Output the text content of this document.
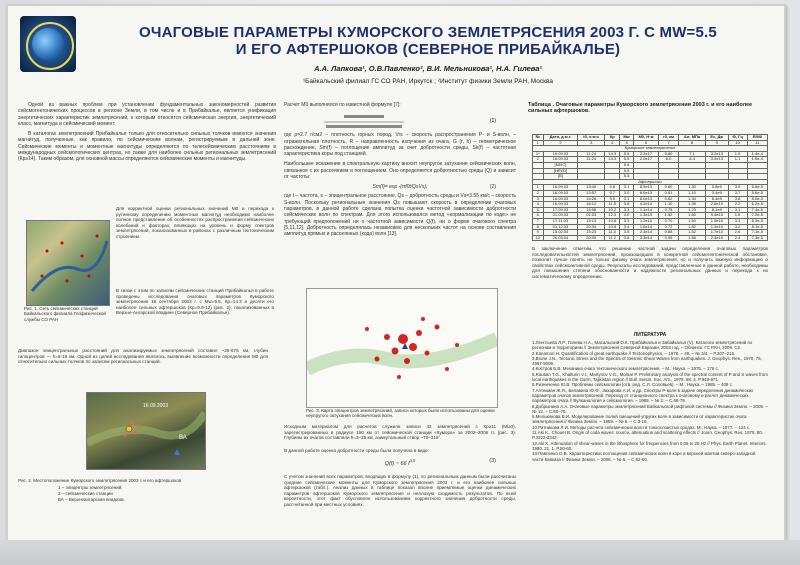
ОЧАГОВЫЕ ПАРАМЕТРЫ КУМОРСКОГО ЗЕМЛЕТРЯСЕНИЯ 2003 Г. С MW=5.5
И ЕГО АФТЕРШОКОВ (СЕВЕРНОЕ ПРИБАЙКАЛЬЕ)
А.А. Лапкова¹, О.В.Павленко², В.И. Мельникова¹, Н.А. Гилева¹
¹Байкальский филиал ГС СО РАН, Иркутск ; ²Институт физики Земли РАН, Москва

Одной из важных проблем при установлении фундаментальных закономерностей развития сейсмотектонических процессов в регионе Земли, в том числе и в Прибайкалье, является унификация энергетических характеристик землетрясений, к которым относятся сейсмическая энергия, энергетический класс, магнитуда и сейсмический момент.

В каталогах землетрясений Прибайкалья только для относительно сильных толчков имеются значения магнитуд, полученные, как правило, по сейсмическим волнам, регистрируемым в дальней зоне. Сейсмические моменты и моментные магнитуды определяются по телесейсмическим расстояниям в международных сейсмологических центрах, но также для наиболее сильных региональных землетрясений (Кр≥14). Таким образом, для основной массы определяются сейсмические моменты и магнитуды.

Рис. 1. Сеть сейсмических станций Байкальского филиала Геофизической службы СО РАН
Для корректной оценки региональных значений M0 и перехода к рутинному определению моментных магнитуд необходимо наиболее полное представление об особенностях распространения сейсмических колебаний и факторах, влияющих на уровень и форму спектров землетрясений, локализованных в районах с различным тектоническим строением.
В связи с этим по записям сейсмических станций Прибайкалья в работе проведены исследования очаговых параметров Куморского землетрясения 16 сентября 2003 г. с Mw=5.5, Кр=14.3 и десяти его наиболее сильных афтершоков (Кр=9.6-12) (рис. 2), локализованных в Верхне-Ангарской впадине (Северное Прибайкалье).
Диапазон эпицентральных расстояний для анализируемых землетрясений составил ~25-676 км, глубин гипоцентров — h=8-19 км. Одной из целей исследования являлось выявление возможности определения M0 для относительно сильных толчков по записям региональных станций.
16.09.2003
ВА
Рис. 2. Местоположение Куморского землетрясения 2003 г. и его афтершоков
1 – эпицентры землетрясений;
2 – сейсмические станции
ВА – Верхнеангарская впадина.

Расчет M0 выполнялся по известной формуле [7]:

(1)

где ρ=2.7 г/см2 – плотность горных пород, Vrs – скорость распространения P- и S-волн, – отражательная плотность, R – направленность излучения из очага, G (r, h) – геометрическое расхождение, Sm(f) – поглощение амплитуд за счет добротности среды, Sk(f) – частотная характеристика коры под станцией.

Наибольшее искажение в спектральную картину вносит неупругое затухание сейсмических волн, связанное с их рассеянием и поглощением. Оно определяется добротностью среды (Q) и зависит от частоты:

Sm(f)= exp -(πf0t/QsVs),	(2)

где t – частота, s – эпицентральное расстояние, Qs – добротность среды и Vs=3.55 км/с – скорость S-волн. Поскольку региональные значения Qs повышают скорость в определении очаговых параметров, в данной работе сделана попытка оценки частотной зависимости добротности сейсмических волн по спектрам. Для этого использовался метод «нормализации по коде» не требующий предположений ни о частотной зависимости Q(f), ни о форме очагового спектра [5,11,12]. Добротность определялась независимо для нескольких частот на основе составления амплитуд прямых и рассеянных (кода) волн [13].

Рис. 3. Карта эпицентров землетрясений, записи которых были использованы для оценки неупругого затухания сейсмических волн.
Исходным материалом для расчетов служили записи 42 землетрясений с Кр≥11 (Ml≥3), зарегистрированных в радиусе 150 км от сейсмической станции «Кумора» за 2002–2006 гг. (рис. 3). Глубины их очагов составляли h=3–25 км, азимутальный створ ~70–315°.
В данной работе оценка добротности среды была получена в виде:
Q(f) ~ 66 $f^{0,8}$	(3)
С учетом значений всех параметров, входящих в формулу (1), по региональным данным были рассчитаны средние сейсмические моменты для Куморского землетрясения 2003 г. и его наиболее сильных афтершоков (табл.). Анализ данных в таблице показал вполне приемлемые оценки динамических параметров афтершоков Куморского землетрясения и неплохую сходимость результатов. По всей вероятности, этот факт обусловлен использованием корректного значения добротности среды, рассчитанной при местных условиях.
Таблица . Очаговые параметры Куморского землетрясения 2003 г. и его наиболее сильных афтершоков.
№	Дата, д.м.г.	t0, ч:м:с	Кр	Mw	M0, Н·м	r0, км	Δσ, МПа	Ес, Дж	f0, Гц	E/M0
1	2	3	4	5	6	7	8	9	10	11
Куморское землетрясение										
1*	16.09.03	11:24	14.3	5.5	2.2e17	5.80	7.1	3.2e13	1.0	1.4e-4
2	16.09.03	11:24	14.3	5.5	2.0e17	6.0	6.4	3.0e13	1.1	1.5e-4
	[NEIC]			5.6						
	[HRVD]			5.5						
	[B]			5.5						
Афтершоки										
1	16.09.03	13:40	9.8	3.1	8.5e13	0.60	1.30	5.8e9	3.9	6.8e-5
2	16.09.03	13:57	9.7	3.0	6.0e13	0.61	1.10	3.4e9	3.7	5.6e-5
3	16.09.03	14:26	9.9	3.1	8.0e13	0.62	1.34	6.4e9	3.8	8.0e-5
4	16.09.03	16:12	11.5	3.6	4.2e14	1.10	1.39	2.6e10	2.2	6.2e-5
5	17.09.03	14:58	10.2	3.3	1.1e14	0.75	1.23	8.1e9	3.1	7.4e-5
6	21.09.03	01:03	12.0	4.0	1.3e15	1.52	1.60	9.4e10	1.6	7.2e-5
7	17.11.03	15:13	10.8	3.3	1.2e14	0.70	1.50	1.0e10	3.3	8.3e-5
8	01.12.03	20:34	10.8	3.4	1.6e14	0.72	1.82	1.3e10	3.2	8.1e-5
9	15.02.04	15:23	11.0	3.5	2.4e14	0.88	1.52	1.7e10	2.6	7.1e-5
10	26.03.04	20:09	11.2	3.6	3.3e14	0.95	1.66	2.4e10	2.4	7.3e-5
В заключение отметим, что решение частной задачи определения очаговых параметров последовательностей землетрясений, произошедших в конкретной сейсмотектонической обстановке, позволит лучше понять не только физику очага землетрясения, но и получить важную информацию о свойствах сейсмоактивной среды. Результаты исследований, представленные в данной работе, необходимы для повышения степени обоснованности и надежности региональных данных и перехода к их систематическому определению.
ЛИТЕРАТУРА

1.Ленгльева Л.Р., Гилева Н.А., Масальский О.К. Прибайкалья и Забайкалья (V). Каталоги землетрясений по регионам и территориям // Землетрясения Северной Евразии, 2003 год. – Обнинск: ГС РАН, 2009. С2.

2.Kanamori H. Quantification of great earthquake // Tectonophysics. – 1978. – 49. – № 3/4. – P.207–216.

3.Brune J.N., Tectonic Stress and the Spectra of Seismic Shear Waves from earthquakes. J. Geophys. Res., 1970, 75, 4997-5009.

4.Костров Б.В. Механика очага тектонического землетрясения. – М.: Наука. – 1975. – 176 с.

5.Rautian T.G., Khalturin V.I., Martynov V.G., Molnar P. Preliminary analysis of the spectral content of P and S waves from local earthquakes in the Garm, Tajikistan region // Bull. Seism. Soc. Am., 1978. 68. 4. P.949-971.

6.Ризниченко Ю.В. Проблемы сейсмологии (отв. ред. С.Л. Соловьев). – М.: Наука. – 1985. – 408 с.

7.Аптекман Ж.Я., Белавина Ю.Ф., Захарова А.И. и др. Спектры P-волн в задаче определения динамических параметров очагов землетрясений. Переход от станционного спектра к очаговому и расчет динамических параметров очага // Вулканология и сейсмология. – 1989. – № 2. – С.66-79.

8.Добрынина А.А. Очаговые параметры землетрясений Байкальской рифтовой системы // Физика Земли. – 2009. – № 12. – С.60–75.

9.Мелькинова В.И. Моделирование полей смещений упругих волн в зависимости от характеристик очага землетрясения // Физика Земли. – 1969. – № 9. – С.3-16.

10.Ратникова Л.И. Методы расчета сейсмических волн в тонкослоистых средах. М.: Наука. – 1977. – 124 с.

11.Aki K., Chouet B. Origin of coda waves: source, attenuation and scattering effects // Journ. Geophys. Res. 1975. 80. P.3322-3342.

12.Aki K. Attenuation of shear-waves in the lithosphere for frequencies from 0.05 to 25 Hz // Phys. Earth Planet. Interiors. 1980. 21. 1. P.50-60.

13.Павленко О.В. Характеристики поглощения сейсмических волн в коре и верхней мантии северо-западной части Кавказа // Физика Земли. – 2008. – № 6. – С.52-60.
